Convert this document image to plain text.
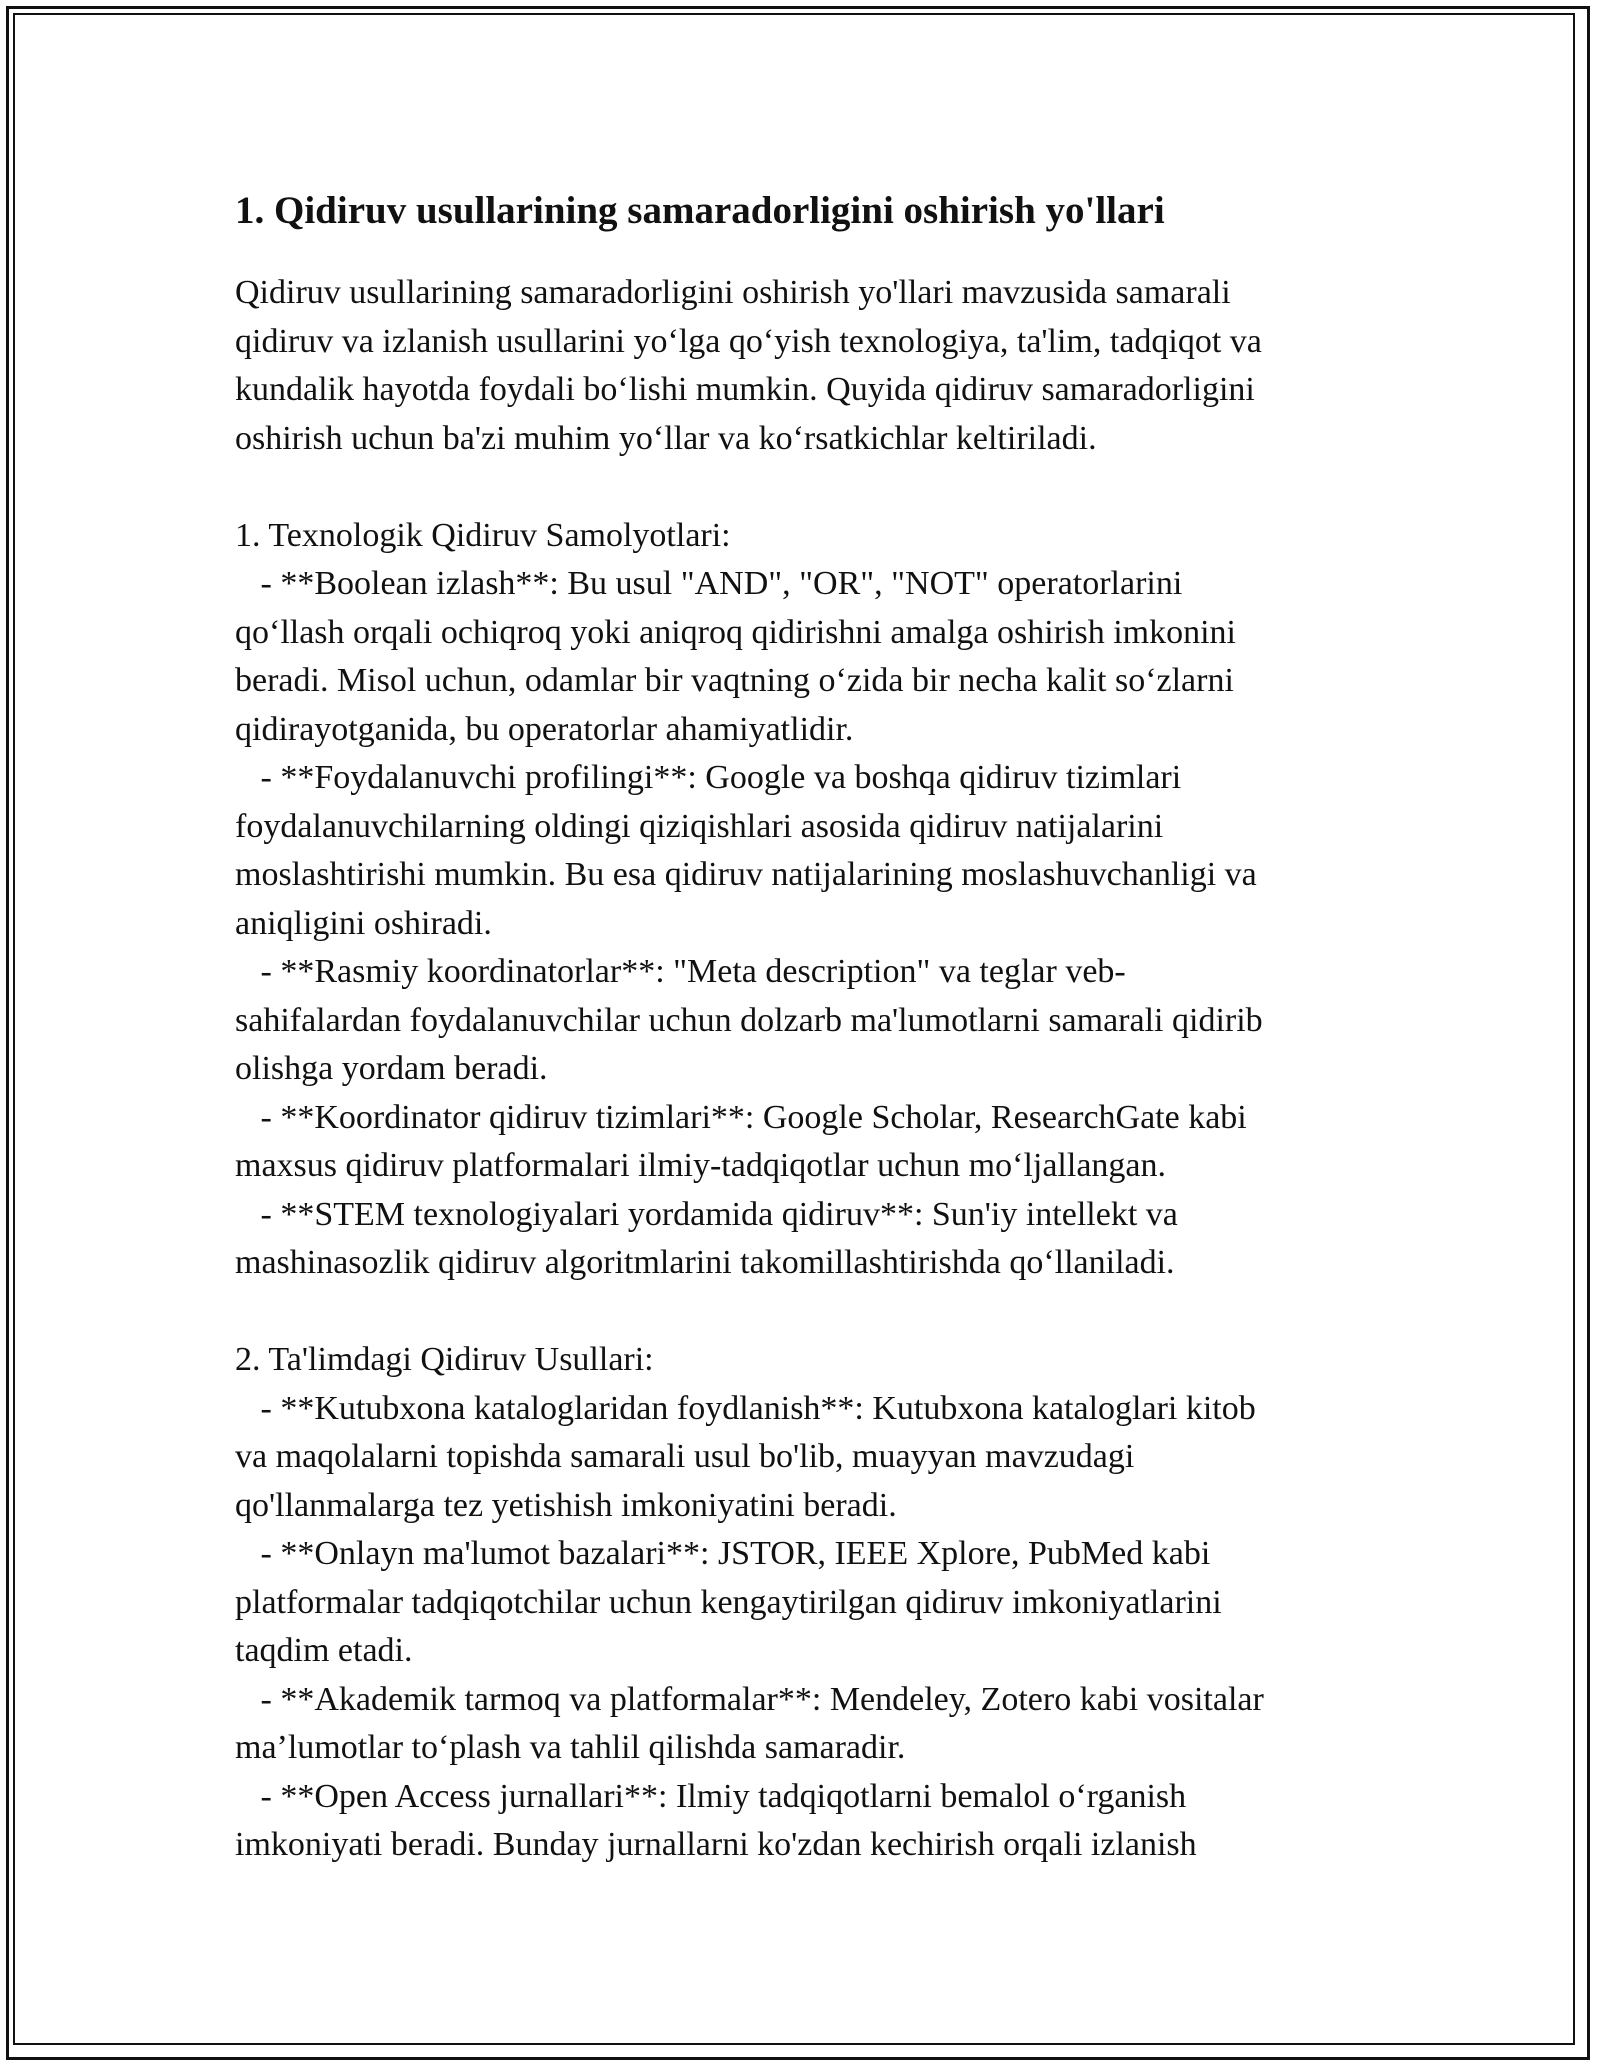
1. Qidiruv usullarining samaradorligini oshirish yo'llari
Qidiruv usullarining samaradorligini oshirish yo'llari mavzusida samarali
qidiruv va izlanish usullarini yo‘lga qo‘yish texnologiya, ta'lim, tadqiqot va
kundalik hayotda foydali bo‘lishi mumkin. Quyida qidiruv samaradorligini
oshirish uchun ba'zi muhim yo‘llar va ko‘rsatkichlar keltiriladi.
1. Texnologik Qidiruv Samolyotlari:
- **Boolean izlash**: Bu usul "AND", "OR", "NOT" operatorlarini
qo‘llash orqali ochiqroq yoki aniqroq qidirishni amalga oshirish imkonini
beradi. Misol uchun, odamlar bir vaqtning o‘zida bir necha kalit so‘zlarni
qidirayotganida, bu operatorlar ahamiyatlidir.
- **Foydalanuvchi profilingi**: Google va boshqa qidiruv tizimlari
foydalanuvchilarning oldingi qiziqishlari asosida qidiruv natijalarini
moslashtirishi mumkin. Bu esa qidiruv natijalarining moslashuvchanligi va
aniqligini oshiradi.
- **Rasmiy koordinatorlar**: "Meta description" va teglar veb-
sahifalardan foydalanuvchilar uchun dolzarb ma'lumotlarni samarali qidirib
olishga yordam beradi.
- **Koordinator qidiruv tizimlari**: Google Scholar, ResearchGate kabi
maxsus qidiruv platformalari ilmiy-tadqiqotlar uchun mo‘ljallangan.
- **STEM texnologiyalari yordamida qidiruv**: Sun'iy intellekt va
mashinasozlik qidiruv algoritmlarini takomillashtirishda qo‘llaniladi.
2. Ta'limdagi Qidiruv Usullari:
- **Kutubxona kataloglaridan foydlanish**: Kutubxona kataloglari kitob
va maqolalarni topishda samarali usul bo'lib, muayyan mavzudagi
qo'llanmalarga tez yetishish imkoniyatini beradi.
- **Onlayn ma'lumot bazalari**: JSTOR, IEEE Xplore, PubMed kabi
platformalar tadqiqotchilar uchun kengaytirilgan qidiruv imkoniyatlarini
taqdim etadi.
- **Akademik tarmoq va platformalar**: Mendeley, Zotero kabi vositalar
ma’lumotlar to‘plash va tahlil qilishda samaradir.
- **Open Access jurnallari**: Ilmiy tadqiqotlarni bemalol o‘rganish
imkoniyati beradi. Bunday jurnallarni ko'zdan kechirish orqali izlanish
